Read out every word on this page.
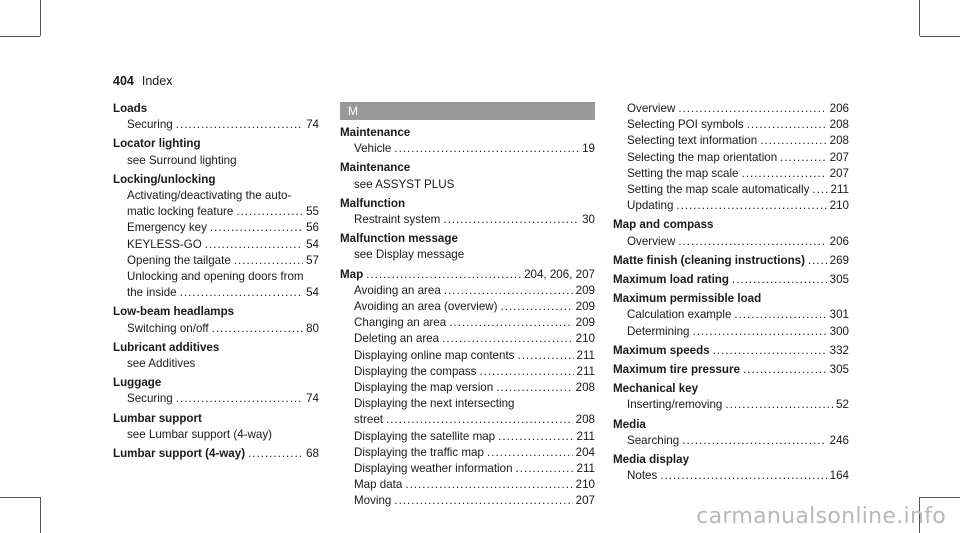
404 Index
Loads
Securing .....	74
Locator lighting
see Surround lighting
Locking/unlocking
Activating/deactivating the auto-
matic locking feature .....	55
Emergency key .....	56
KEYLESS-GO .....	54
Opening the tailgate .....	57
Unlocking and opening doors from
the inside .....	54
Low-beam headlamps
Switching on/off .....	80
Lubricant additives
see Additives
Luggage
Securing .....	74
Lumbar support
see Lumbar support (4-way)
Lumbar support (4-way) .....	68
M
Maintenance
Vehicle .....	19
Maintenance
see ASSYST PLUS
Malfunction
Restraint system .....	30
Malfunction message
see Display message
Map .....	204, 206, 207
Avoiding an area .....	209
Avoiding an area (overview) .....	209
Changing an area .....	209
Deleting an area .....	210
Displaying online map contents .....	211
Displaying the compass .....	211
Displaying the map version .....	208
Displaying the next intersecting
street .....	208
Displaying the satellite map .....	211
Displaying the traffic map .....	204
Displaying weather information .....	211
Map data .....	210
Moving .....	207
Overview .....	206
Selecting POI symbols .....	208
Selecting text information .....	208
Selecting the map orientation .....	207
Setting the map scale .....	207
Setting the map scale automatically ..... 211
Updating .....	210
Map and compass
Overview .....	206
Matte finish (cleaning instructions) ..... 269
Maximum load rating .....	305
Maximum permissible load
Calculation example .....	301
Determining .....	300
Maximum speeds .....	332
Maximum tire pressure .....	305
Mechanical key
Inserting/removing .....	52
Media
Searching .....	246
Media display
Notes .....	164
carmanualsonline.info
